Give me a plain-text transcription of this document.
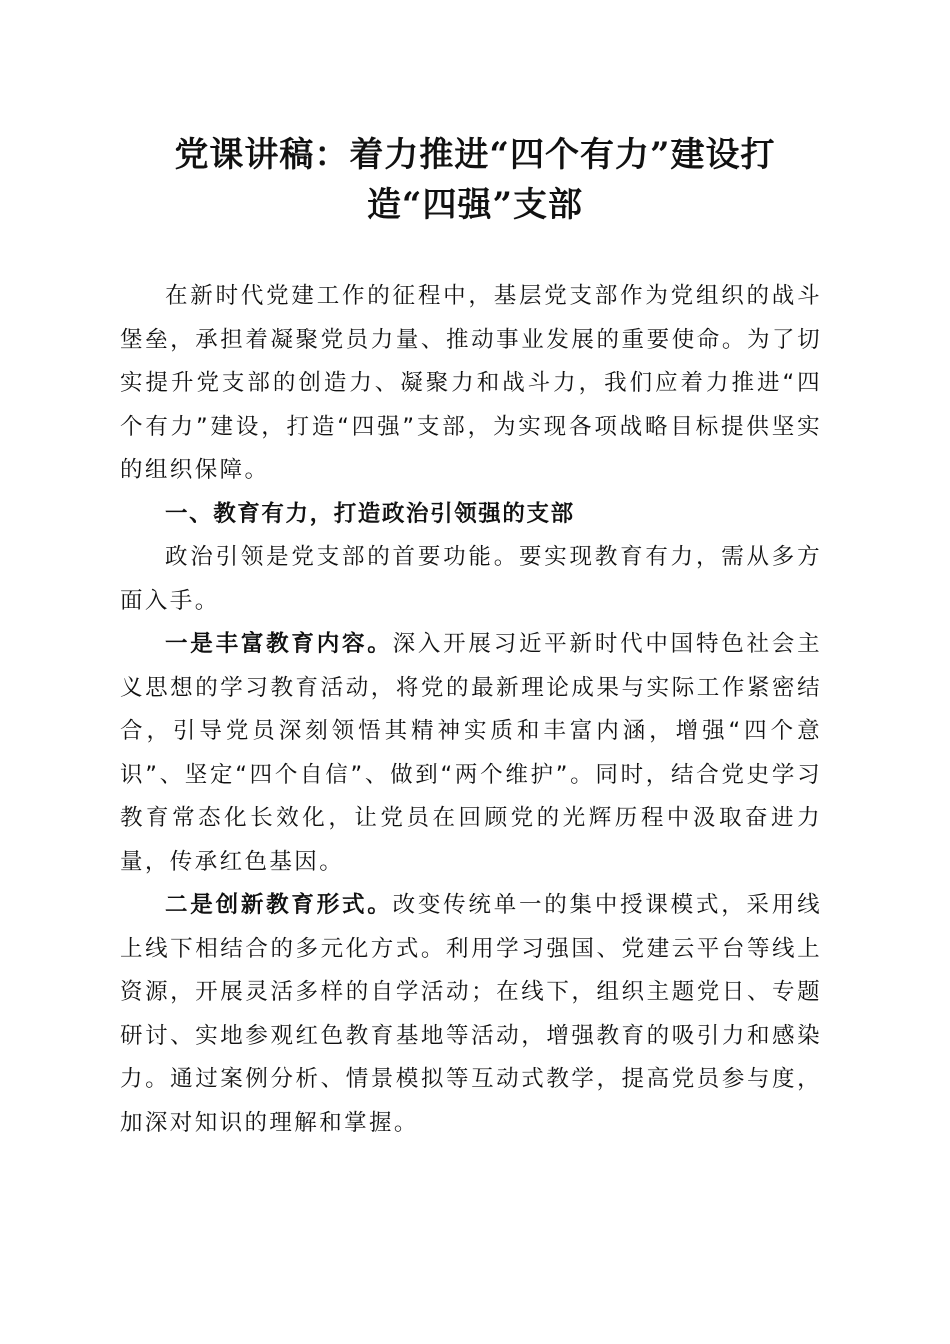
党课讲稿：着力推进“四个有力”建设打
造“四强”支部

在新时代党建工作的征程中，基层党支部作为党组织的战斗堡垒，承担着凝聚党员力量、推动事业发展的重要使命。为了切实提升党支部的创造力、凝聚力和战斗力，我们应着力推进“四个有力”建设，打造“四强”支部，为实现各项战略目标提供坚实的组织保障。

一、教育有力，打造政治引领强的支部

政治引领是党支部的首要功能。要实现教育有力，需从多方面入手。

一是丰富教育内容。深入开展习近平新时代中国特色社会主义思想的学习教育活动，将党的最新理论成果与实际工作紧密结合，引导党员深刻领悟其精神实质和丰富内涵，增强“四个意识”、坚定“四个自信”、做到“两个维护”。同时，结合党史学习教育常态化长效化，让党员在回顾党的光辉历程中汲取奋进力量，传承红色基因。

二是创新教育形式。改变传统单一的集中授课模式，采用线上线下相结合的多元化方式。利用学习强国、党建云平台等线上资源，开展灵活多样的自学活动；在线下，组织主题党日、专题研讨、实地参观红色教育基地等活动，增强教育的吸引力和感染力。通过案例分析、情景模拟等互动式教学，提高党员参与度，加深对知识的理解和掌握。
